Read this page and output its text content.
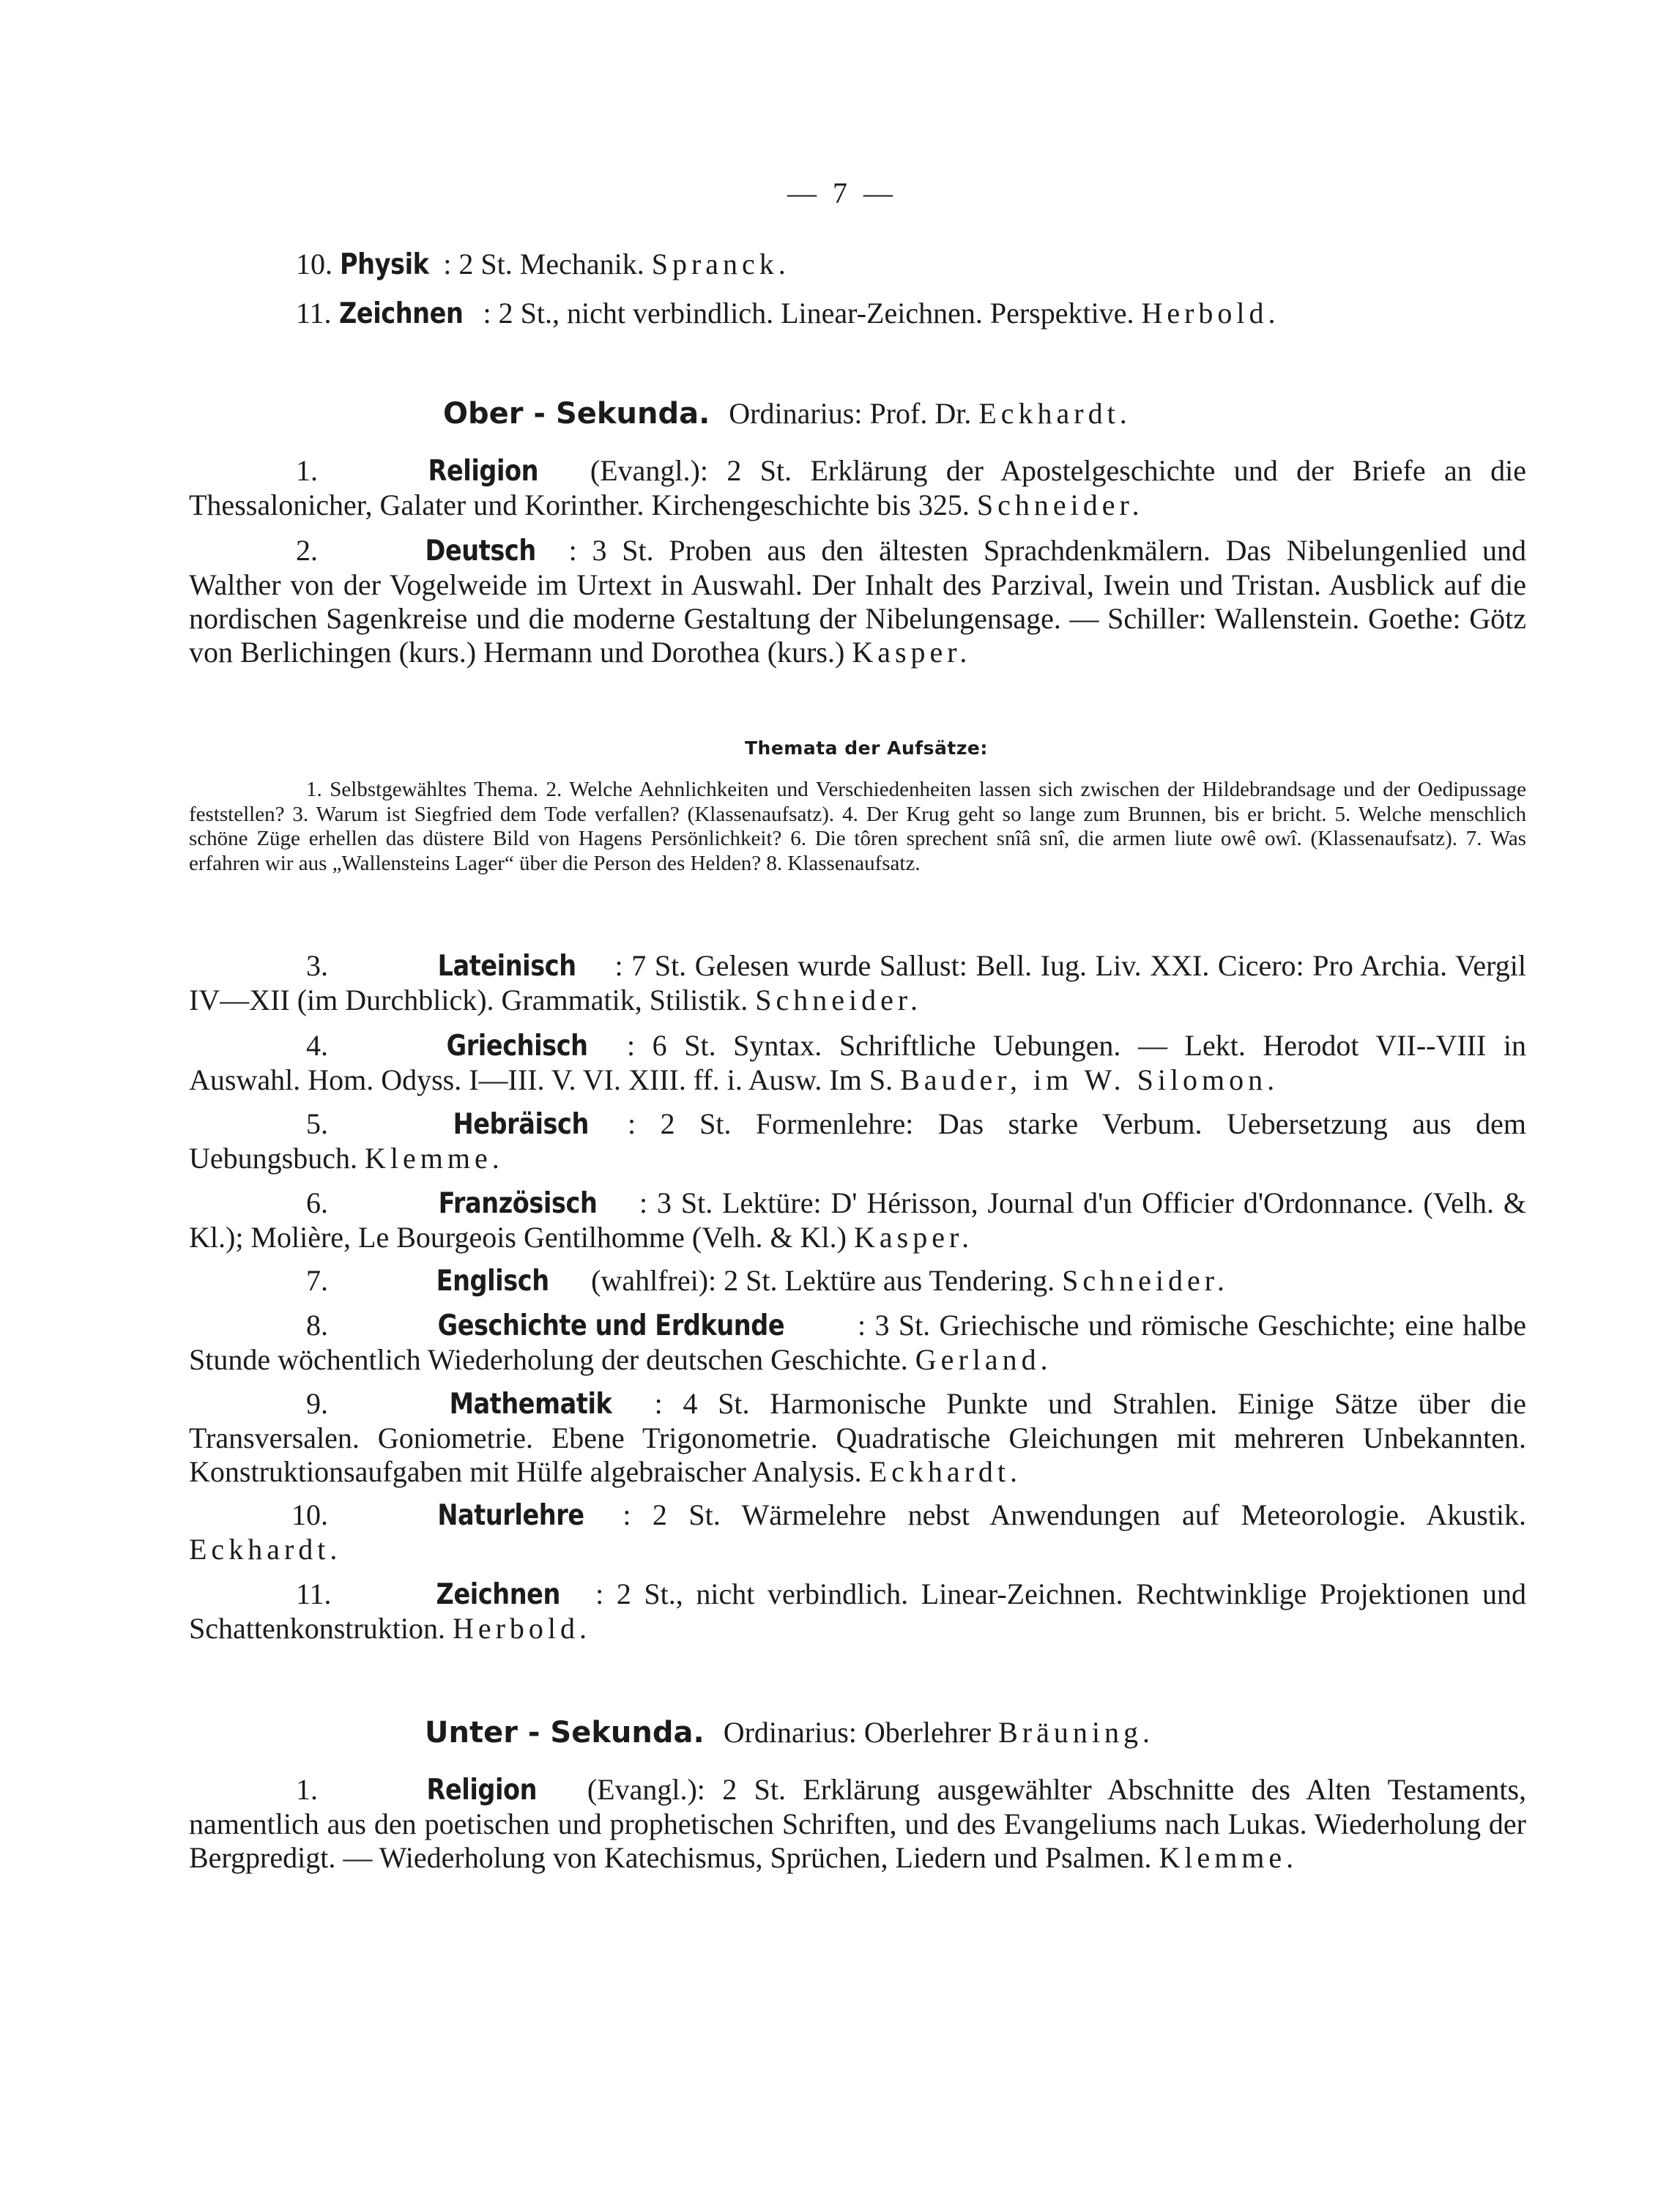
— 7 —
10. Physik : 2 St. Mechanik. Spranck.
11. Zeichnen : 2 St., nicht verbindlich. Linear-Zeichnen. Perspektive. Herbold.
Ober - Sekunda. Ordinarius: Prof. Dr. Eckhardt.
1.	Religion (Evangl.): 2 St. Erklärung der Apostelgeschichte und der Briefe an die Thessalonicher, Galater und Korinther. Kirchengeschichte bis 325. Schneider.
2.	Deutsch : 3 St. Proben aus den ältesten Sprachdenkmälern. Das Nibelungenlied und Walther von der Vogelweide im Urtext in Auswahl. Der Inhalt des Parzival, Iwein und Tristan. Ausblick auf die nordischen Sagenkreise und die moderne Gestaltung der Nibelungensage. — Schiller: Wallenstein. Goethe: Götz von Berlichingen (kurs.) Hermann und Dorothea (kurs.) Kasper.
Themata der Aufsätze:
1. Selbstgewähltes Thema. 2. Welche Aehnlichkeiten und Verschiedenheiten lassen sich zwischen der Hildebrandsage und der Oedipussage feststellen? 3. Warum ist Siegfried dem Tode verfallen? (Klassenaufsatz). 4. Der Krug geht so lange zum Brunnen, bis er bricht. 5. Welche menschlich schöne Züge erhellen das düstere Bild von Hagens Persönlichkeit? 6. Die tôren sprechent snîâ snî, die armen liute owê owî. (Klassenaufsatz). 7. Was erfahren wir aus „Wallensteins Lager“ über die Person des Helden? 8. Klassenaufsatz.
3.	Lateinisch : 7 St. Gelesen wurde Sallust: Bell. Iug. Liv. XXI. Cicero: Pro Archia. Vergil IV—XII (im Durchblick). Grammatik, Stilistik. Schneider.
4.	Griechisch : 6 St. Syntax. Schriftliche Uebungen. — Lekt. Herodot VII--VIII in Auswahl. Hom. Odyss. I—III. V. VI. XIII. ff. i. Ausw. Im S. Bauder, im W. Silomon.
5.	Hebräisch : 2 St. Formenlehre: Das starke Verbum. Uebersetzung aus dem Uebungsbuch. Klemme.
6.	Französisch : 3 St. Lektüre: D' Hérisson, Journal d'un Officier d'Ordonnance. (Velh. & Kl.); Molière, Le Bourgeois Gentilhomme (Velh. & Kl.) Kasper.
7.	Englisch (wahlfrei): 2 St. Lektüre aus Tendering. Schneider.
8.	Geschichte und Erdkunde : 3 St. Griechische und römische Geschichte; eine halbe Stunde wöchentlich Wiederholung der deutschen Geschichte. Gerland.
9.	Mathematik : 4 St. Harmonische Punkte und Strahlen. Einige Sätze über die Transversalen. Goniometrie. Ebene Trigonometrie. Quadratische Gleichungen mit mehreren Unbekannten. Konstruktionsaufgaben mit Hülfe algebraischer Analysis. Eckhardt.
10.	Naturlehre : 2 St. Wärmelehre nebst Anwendungen auf Meteorologie. Akustik. Eckhardt.
11.	Zeichnen : 2 St., nicht verbindlich. Linear-Zeichnen. Rechtwinklige Projektionen und Schattenkonstruktion. Herbold.
Unter - Sekunda. Ordinarius: Oberlehrer Bräuning.
1.	Religion (Evangl.): 2 St. Erklärung ausgewählter Abschnitte des Alten Testaments, namentlich aus den poetischen und prophetischen Schriften, und des Evangeliums nach Lukas. Wiederholung der Bergpredigt. — Wiederholung von Katechismus, Sprüchen, Liedern und Psalmen. Klemme.
